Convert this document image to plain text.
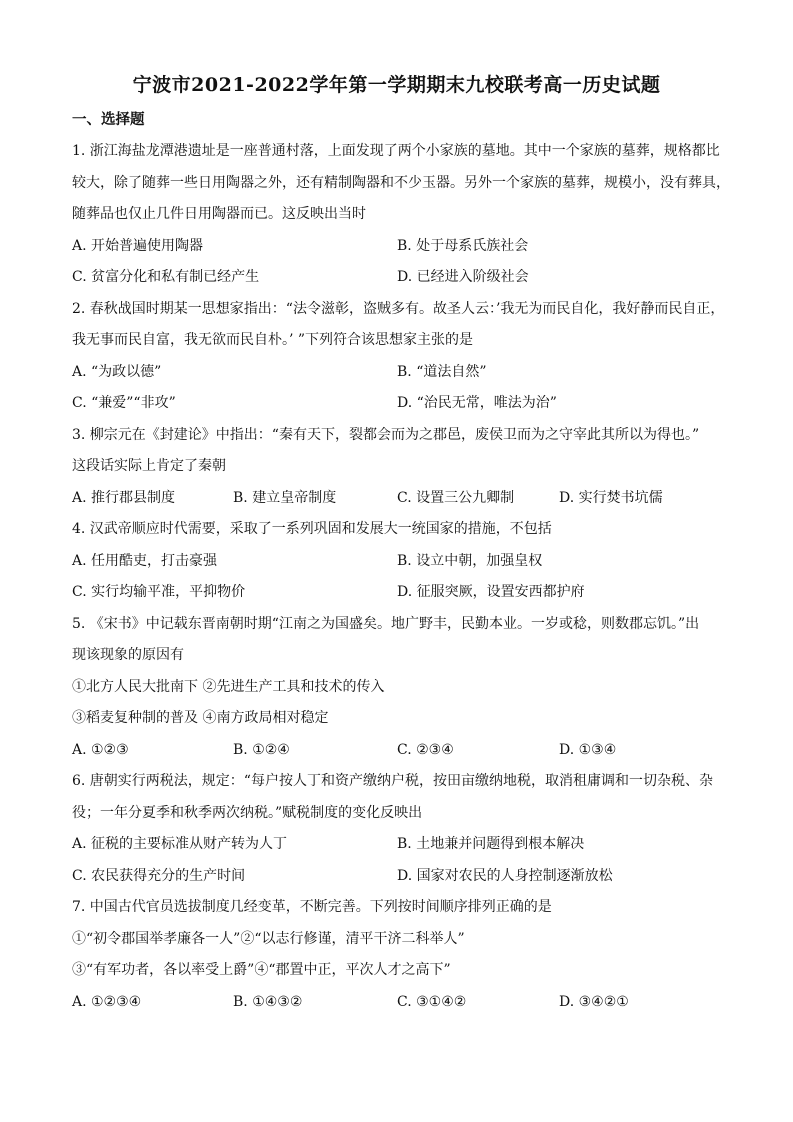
宁波市2021-2022学年第一学期期末九校联考高一历史试题
一、选择题
1. 浙江海盐龙潭港遗址是一座普通村落，上面发现了两个小家族的墓地。其中一个家族的墓葬，规格都比
较大，除了随葬一些日用陶器之外，还有精制陶器和不少玉器。另外一个家族的墓葬，规模小，没有葬具，
随葬品也仅止几件日用陶器而已。这反映出当时
A. 开始普遍使用陶器	B. 处于母系氏族社会
C. 贫富分化和私有制已经产生	D. 已经进入阶级社会
2. 春秋战国时期某一思想家指出：“法令滋彰，盗贼多有。故圣人云：’我无为而民自化，我好静而民自正，
我无事而民自富，我无欲而民自朴。’ ”下列符合该思想家主张的是
A. “为政以德”	B. “道法自然”
C. “兼爱”“非攻”	D. “治民无常，唯法为治”
3. 柳宗元在《封建论》中指出：“秦有天下，裂都会而为之郡邑，废侯卫而为之守宰此其所以为得也。”
这段话实际上肯定了秦朝
A. 推行郡县制度	B. 建立皇帝制度	C. 设置三公九卿制	D. 实行焚书坑儒
4. 汉武帝顺应时代需要，采取了一系列巩固和发展大一统国家的措施，不包括
A. 任用酷吏，打击豪强	B. 设立中朝，加强皇权
C. 实行均输平准，平抑物价	D. 征服突厥，设置安西都护府
5. 《宋书》中记载东晋南朝时期“江南之为国盛矣。地广野丰，民勤本业。一岁或稔，则数郡忘饥。”出
现该现象的原因有
①北方人民大批南下 ②先进生产工具和技术的传入
③稻麦复种制的普及 ④南方政局相对稳定
A. ①②③	B. ①②④	C. ②③④	D. ①③④
6. 唐朝实行两税法，规定：“每户按人丁和资产缴纳户税，按田亩缴纳地税，取消租庸调和一切杂税、杂
役；一年分夏季和秋季两次纳税。”赋税制度的变化反映出
A. 征税的主要标准从财产转为人丁	B. 土地兼并问题得到根本解决
C. 农民获得充分的生产时间	D. 国家对农民的人身控制逐渐放松
7. 中国古代官员选拔制度几经变革，不断完善。下列按时间顺序排列正确的是
①“初令郡国举孝廉各一人”②“以志行修谨，清平干济二科举人”
③“有军功者，各以率受上爵”④“郡置中正，平次人才之高下”
A. ①②③④	B. ①④③②	C. ③①④②	D. ③④②①
